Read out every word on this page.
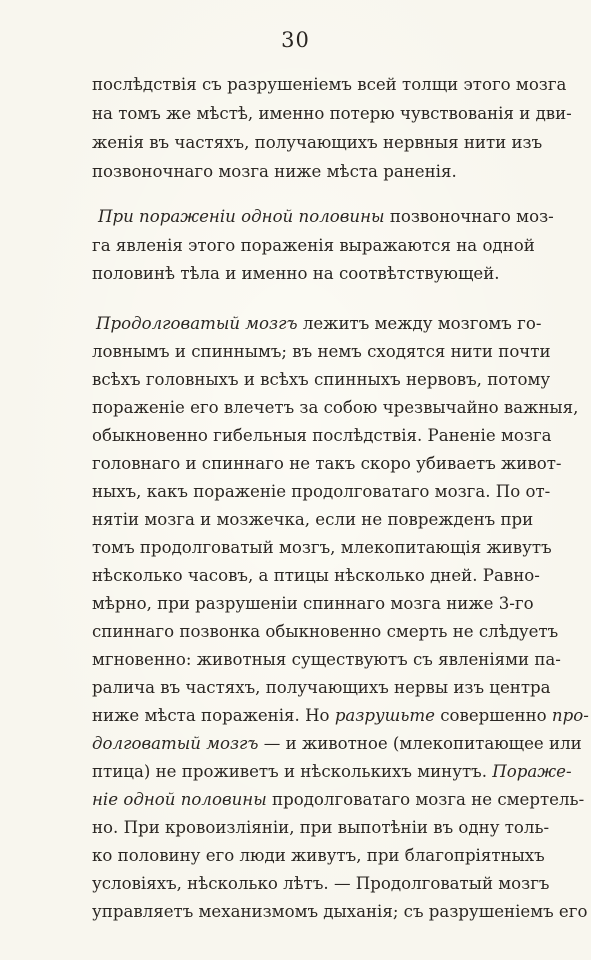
30
послѣдствія съ разрушеніемъ всей толщи этого мозга
на томъ же мѣстѣ, именно потерю чувствованія и дви-
женія въ частяхъ, получающихъ нервныя нити изъ
позвоночнаго мозга ниже мѣста раненія.
При пораженіи одной половины позвоночнаго моз-
га явленія этого пораженія выражаются на одной
половинѣ тѣла и именно на соотвѣтствующей.
Продолговатый мозгъ лежитъ между мозгомъ го-
ловнымъ и спиннымъ; въ немъ сходятся нити почти
всѣхъ головныхъ и всѣхъ спинныхъ нервовъ, потому
пораженіе его влечетъ за собою чрезвычайно важныя,
обыкновенно гибельныя послѣдствія. Раненіе мозга
головнаго и спиннаго не такъ скоро убиваетъ живот-
ныхъ, какъ пораженіе продолговатаго мозга. По от-
нятіи мозга и мозжечка, если не поврежденъ при
томъ продолговатый мозгъ, млекопитающія живутъ
нѣсколько часовъ, а птицы нѣсколько дней. Равно-
мѣрно, при разрушеніи спиннаго мозга ниже 3-го
спиннаго позвонка обыкновенно смерть не слѣдуетъ
мгновенно: животныя существуютъ съ явленіями па-
ралича въ частяхъ, получающихъ нервы изъ центра
ниже мѣста пораженія. Но разрушьте совершенно про-
долговатый мозгъ — и животное (млекопитающее или
птица) не проживетъ и нѣсколькихъ минутъ. Пораже-
ніе одной половины продолговатаго мозга не смертель-
но. При кровоизліяніи, при выпотѣніи въ одну толь-
ко половину его люди живутъ, при благопріятныхъ
условіяхъ, нѣсколько лѣтъ. — Продолговатый мозгъ
управляетъ механизмомъ дыханія; съ разрушеніемъ его
